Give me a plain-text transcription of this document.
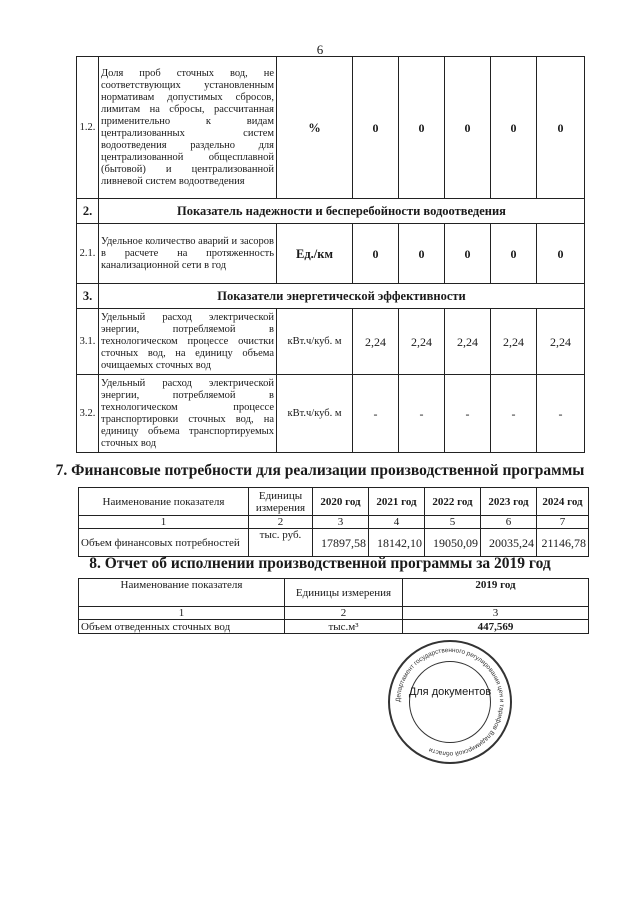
6
1.2.	Доля проб сточных вод, не соответствующих установленным нормативам допустимых сбросов, лимитам на сбросы, рассчитанная применительно к видам централизованных систем водоотведения раздельно для централизованной общесплавной (бытовой) и централизованной ливневой систем водоотведения	%	0	0	0	0	0
2.	Показатель надежности и бесперебойности водоотведения						
2.1.	Удельное количество аварий и засоров в расчете на протяженность канализационной сети в год	Ед./км	0	0	0	0	0
3.	Показатели энергетической эффективности						
3.1.	Удельный расход электрической энергии, потребляемой в технологическом процессе очистки сточных вод, на единицу объема очищаемых сточных вод	кВт.ч/куб. м	2,24	2,24	2,24	2,24	2,24
3.2.	Удельный расход электрической энергии, потребляемой в технологическом процессе транспортировки сточных вод, на единицу объема транспортируемых сточных вод	кВт.ч/куб. м	-	-	-	-	-
7. Финансовые потребности для реализации производственной программы
Наименование показателя	Единицы измерения	2020 год	2021 год	2022 год	2023 год	2024 год
1	2	3	4	5	6	7
Объем финансовых потребностей	тыс. руб.	17897,58	18142,10	19050,09	20035,24	21146,78
8. Отчет об исполнении производственной программы за 2019 год
Наименование показателя	Единицы измерения	2019 год
1	2	3
Объем отведенных сточных вод	тыс.м³	447,569
Департамент государственного регулирования цен и тарифов Владимирской области
Для документов
